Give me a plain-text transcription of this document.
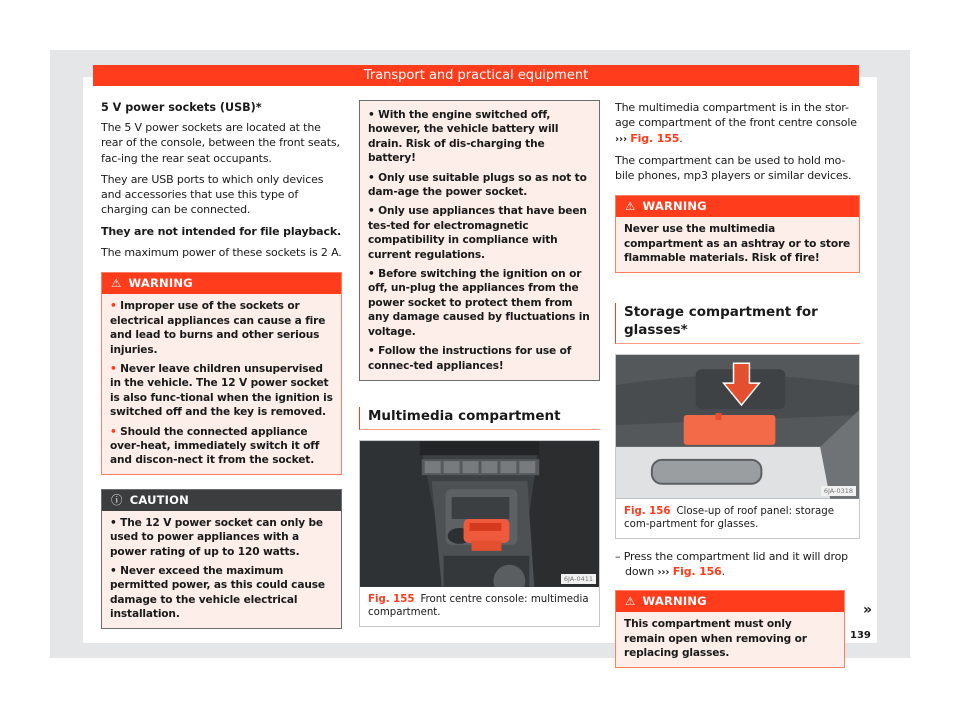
Transport and practical equipment
5 V power sockets (USB)*
The 5 V power sockets are located at the rear of the console, between the front seats, fac-ing the rear seat occupants.
They are USB ports to which only devices and accessories that use this type of charging can be connected.
They are not intended for file playback.
The maximum power of these sockets is 2 A.
⚠ WARNING
• Improper use of the sockets or electrical appliances can cause a fire and lead to burns and other serious injuries.
• Never leave children unsupervised in the vehicle. The 12 V power socket is also func-tional when the ignition is switched off and the key is removed.
• Should the connected appliance over-heat, immediately switch it off and discon-nect it from the socket.
ⓘ CAUTION
• The 12 V power socket can only be used to power appliances with a power rating of up to 120 watts.
• Never exceed the maximum permitted power, as this could cause damage to the vehicle electrical installation.
• With the engine switched off, however, the vehicle battery will drain. Risk of dis-charging the battery!
• Only use suitable plugs so as not to dam-age the power socket.
• Only use appliances that have been tes-ted for electromagnetic compatibility in compliance with current regulations.
• Before switching the ignition on or off, un-plug the appliances from the power socket to protect them from any damage caused by fluctuations in voltage.
• Follow the instructions for use of connec-ted appliances!
Multimedia compartment
6JA-0411
Fig. 155 Front centre console: multimedia compartment.
The multimedia compartment is in the stor-age compartment of the front centre console ››› Fig. 155.
The compartment can be used to hold mo-bile phones, mp3 players or similar devices.
⚠ WARNING
Never use the multimedia compartment as an ashtray or to store flammable materials. Risk of fire!
Storage compartment for glasses*
6JA-0318
Fig. 156 Close-up of roof panel: storage com-partment for glasses.
– Press the compartment lid and it will drop down ››› Fig. 156.
⚠ WARNING
This compartment must only remain open when removing or replacing glasses.
»
139
